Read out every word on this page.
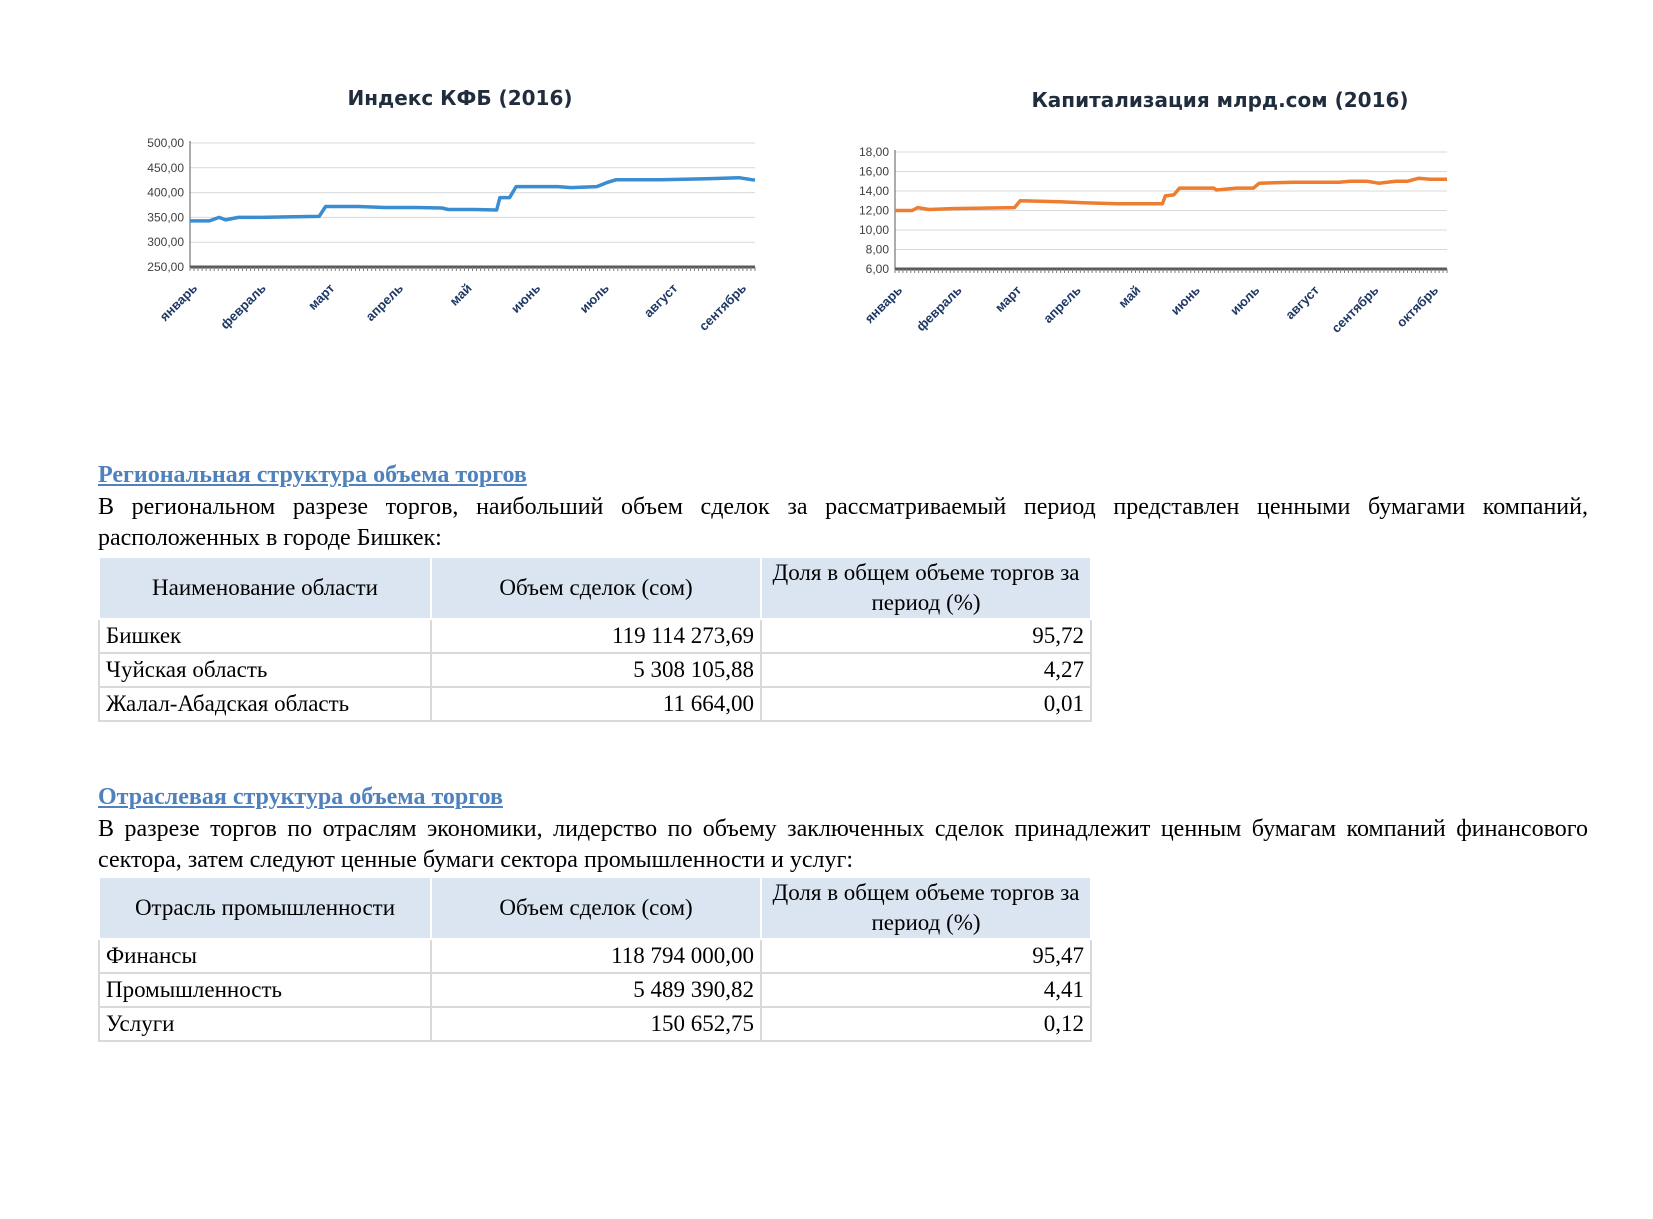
Индекс КФБ (2016)
500,00
450,00
400,00
350,00
300,00
250,00
январь февраль	март апрель	май	июнь	июль август сентябрь
Капитализация млрд.сом (2016)
18,00
16,00
14,00
12,00
10,00
8,00
6,00
январь февраль март апрель май июнь июль август сентябрь октябрь
Региональная структура объема торгов
В региональном разрезе торгов, наибольший объем сделок за рассматриваемый период представлен ценными бумагами компаний, расположенных в городе Бишкек:
Наименование области	Объем сделок (сом)	Доля в общем объеме торгов за период (%)
Бишкек	119 114 273,69	95,72
Чуйская область	5 308 105,88	4,27
Жалал-Абадская область	11 664,00	0,01
Отраслевая структура объема торгов
В разрезе торгов по отраслям экономики, лидерство по объему заключенных сделок принадлежит ценным бумагам компаний финансового сектора, затем следуют ценные бумаги сектора промышленности и услуг:
Отрасль промышленности	Объем сделок (сом)	Доля в общем объеме торгов за период (%)
Финансы	118 794 000,00	95,47
Промышленность	5 489 390,82	4,41
Услуги	150 652,75	0,12
